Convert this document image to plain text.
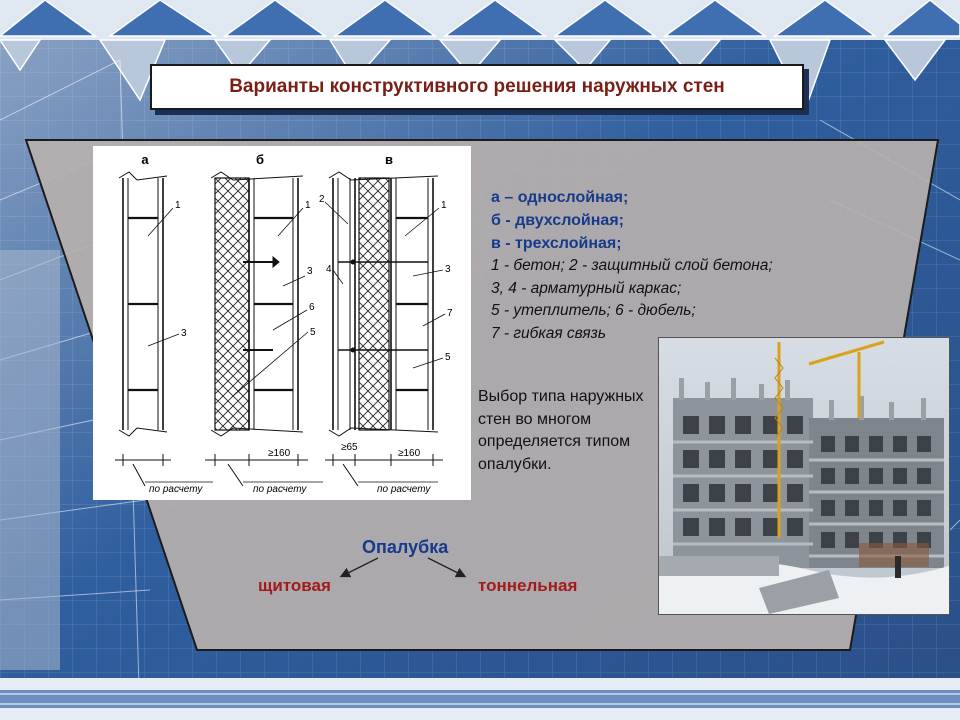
Варианты конструктивного решения наружных стен
а	б	в
1
3
1
3
6
5
2
1
4	3
7
5
≥160
≥65
≥160
по расчету	по расчету	по расчету
а – однослойная;
б - двухслойная;
в - трехслойная;
1 - бетон; 2 - защитный слой бетона;
3, 4 - арматурный каркас;
5 - утеплитель; 6 - дюбель;
7 - гибкая связь
Выбор типа наружных стен во многом определяется типом опалубки.
Опалубка
щитовая	тоннельная
